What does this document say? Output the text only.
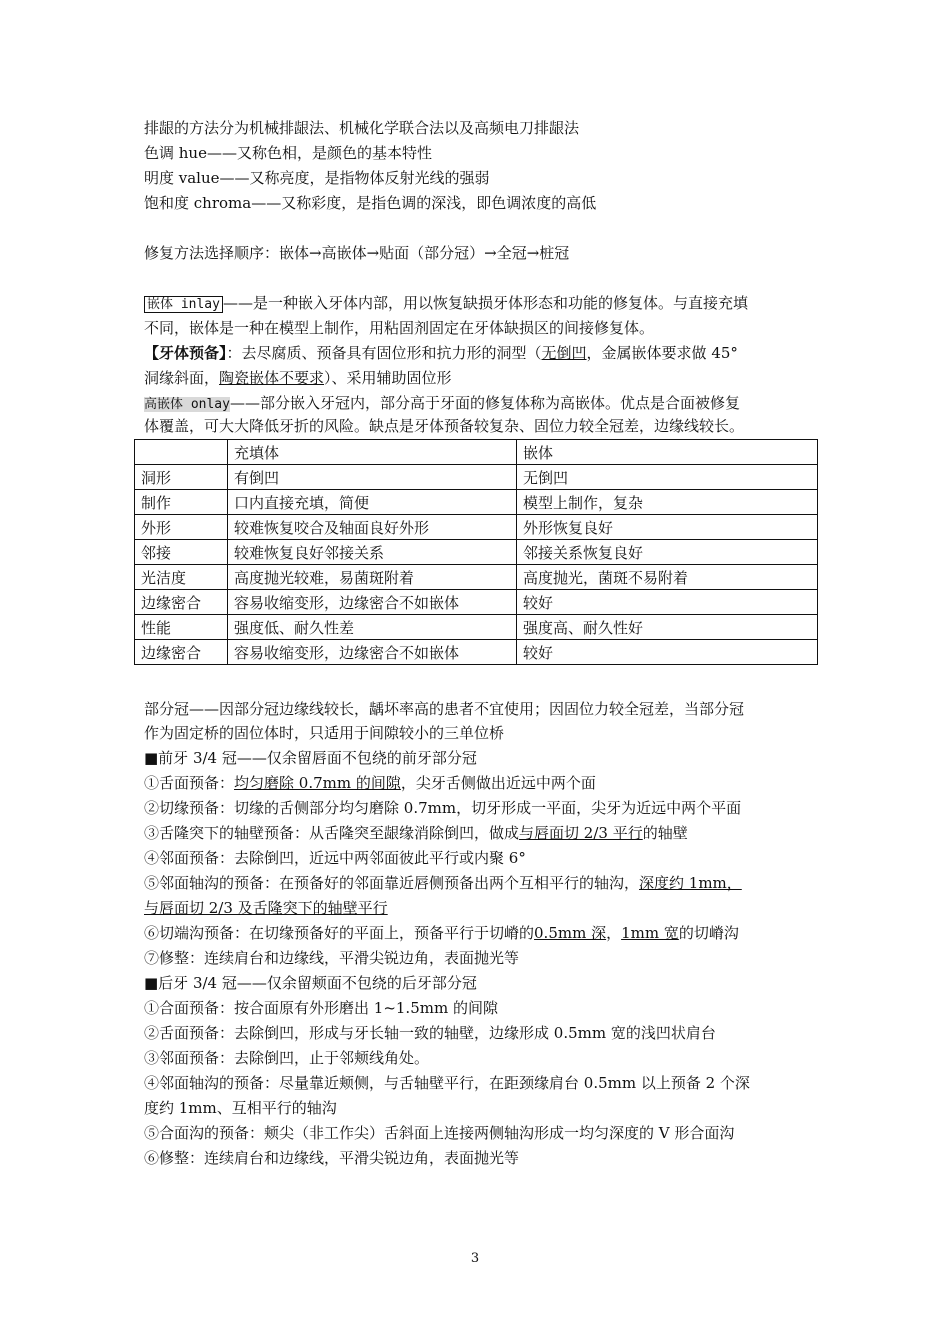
排龈的方法分为机械排龈法、机械化学联合法以及高频电刀排龈法
色调 hue——又称色相，是颜色的基本特性
明度 value——又称亮度，是指物体反射光线的强弱
饱和度 chroma——又称彩度，是指色调的深浅，即色调浓度的高低
修复方法选择顺序：嵌体→高嵌体→贴面（部分冠）→全冠→桩冠
嵌体 inlay ——是一种嵌入牙体内部，用以恢复缺损牙体形态和功能的修复体。与直接充填
不同，嵌体是一种在模型上制作，用粘固剂固定在牙体缺损区的间接修复体。
【牙体预备】：去尽腐质、预备具有固位形和抗力形的洞型（无倒凹，金属嵌体要求做 45°
洞缘斜面，陶瓷嵌体不要求）、采用辅助固位形
高嵌体 onlay——部分嵌入牙冠内，部分高于牙面的修复体称为高嵌体。优点是合面被修复
体覆盖，可大大降低牙折的风险。缺点是牙体预备较复杂、固位力较全冠差，边缘线较长。
	充填体	嵌体
洞形	有倒凹	无倒凹
制作	口内直接充填，简便	模型上制作，复杂
外形	较难恢复咬合及轴面良好外形	外形恢复良好
邻接	较难恢复良好邻接关系	邻接关系恢复良好
光洁度	高度抛光较难，易菌斑附着	高度抛光，菌斑不易附着
边缘密合	容易收缩变形，边缘密合不如嵌体	较好
性能	强度低、耐久性差	强度高、耐久性好
边缘密合	容易收缩变形，边缘密合不如嵌体	较好
部分冠——因部分冠边缘线较长，龋坏率高的患者不宜使用；因固位力较全冠差，当部分冠
作为固定桥的固位体时，只适用于间隙较小的三单位桥
■前牙 3/4 冠——仅余留唇面不包绕的前牙部分冠
①舌面预备：均匀磨除 0.7mm 的间隙，尖牙舌侧做出近远中两个面
②切缘预备：切缘的舌侧部分均匀磨除 0.7mm，切牙形成一平面，尖牙为近远中两个平面
③舌隆突下的轴壁预备：从舌隆突至龈缘消除倒凹，做成与唇面切 2/3 平行的轴壁
④邻面预备：去除倒凹，近远中两邻面彼此平行或内聚 6°
⑤邻面轴沟的预备：在预备好的邻面靠近唇侧预备出两个互相平行的轴沟，深度约 1mm，
与唇面切 2/3 及舌隆突下的轴壁平行
⑥切端沟预备：在切缘预备好的平面上，预备平行于切嵴的0.5mm 深，1mm 宽的切嵴沟
⑦修整：连续肩台和边缘线，平滑尖锐边角，表面抛光等
■后牙 3/4 冠——仅余留颊面不包绕的后牙部分冠
①合面预备：按合面原有外形磨出 1~1.5mm 的间隙
②舌面预备：去除倒凹，形成与牙长轴一致的轴壁，边缘形成 0.5mm 宽的浅凹状肩台
③邻面预备：去除倒凹，止于邻颊线角处。
④邻面轴沟的预备：尽量靠近颊侧，与舌轴壁平行，在距颈缘肩台 0.5mm 以上预备 2 个深
度约 1mm、互相平行的轴沟
⑤合面沟的预备：颊尖（非工作尖）舌斜面上连接两侧轴沟形成一均匀深度的 V 形合面沟
⑥修整：连续肩台和边缘线，平滑尖锐边角，表面抛光等
3
